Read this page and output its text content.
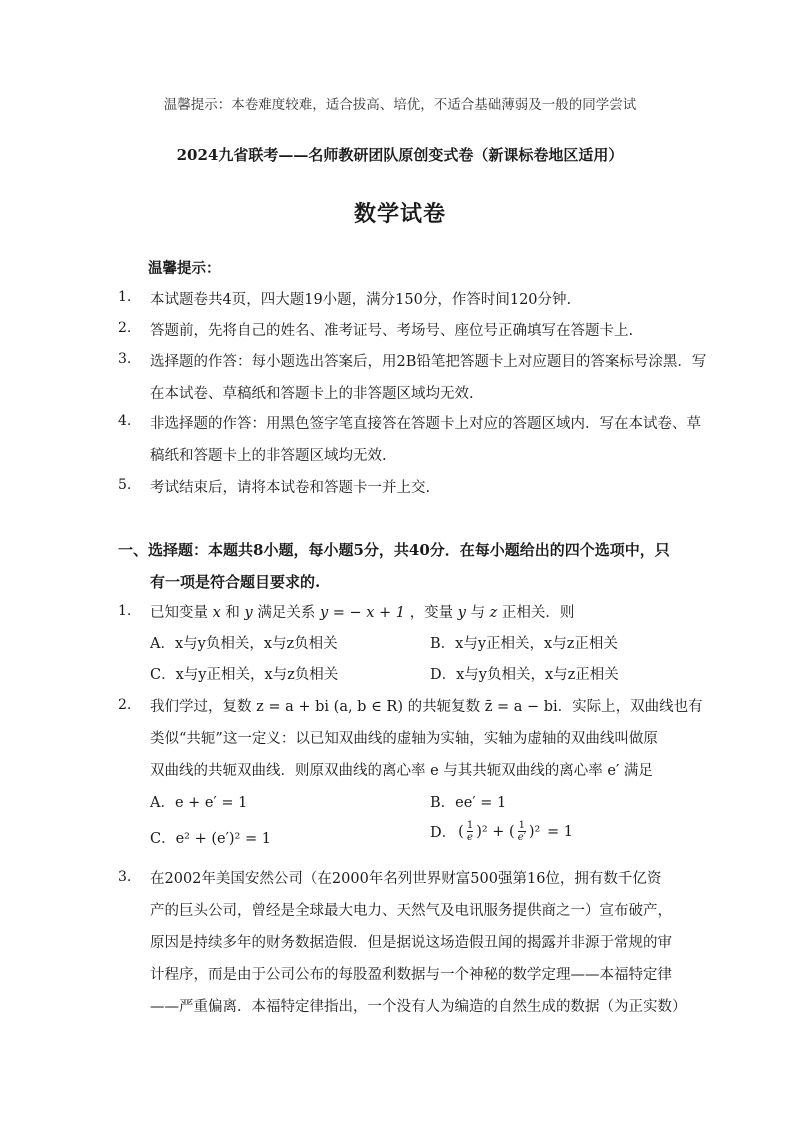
温馨提示：本卷难度较难，适合拔高、培优，不适合基础薄弱及一般的同学尝试
2024九省联考——名师教研团队原创变式卷（新课标卷地区适用）
数学试卷
温馨提示：
1. 本试题卷共4页，四大题19小题，满分150分，作答时间120分钟.
2. 答题前，先将自己的姓名、准考证号、考场号、座位号正确填写在答题卡上.
3. 选择题的作答：每小题选出答案后，用2B铅笔把答题卡上对应题目的答案标号涂黑．写
在本试卷、草稿纸和答题卡上的非答题区域均无效.
4. 非选择题的作答：用黑色签字笔直接答在答题卡上对应的答题区域内．写在本试卷、草
稿纸和答题卡上的非答题区域均无效.
5. 考试结束后，请将本试卷和答题卡一并上交.
一、选择题：本题共8小题，每小题5分，共40分．在每小题给出的四个选项中，只
有一项是符合题目要求的.
1. 已知变量 x 和 y 满足关系 y = − x + 1 ，变量 y 与 z 正相关．则
A．x与y负相关，x与z负相关	B．x与y正相关，x与z正相关
C．x与y正相关，x与z负相关	D．x与y负相关，x与z正相关
2. 我们学过，复数 z = a + bi (a, b ∈ R) 的共轭复数 z̄ = a − bi．实际上，双曲线也有
类似“共轭”这一定义：以已知双曲线的虚轴为实轴，实轴为虚轴的双曲线叫做原
双曲线的共轭双曲线．则原双曲线的离心率 e 与其共轭双曲线的离心率 e′ 满足
A．e + e′ = 1	B．ee′ = 1
C．e² + (e′)² = 1	D． ( $\frac{1}{e} )^2$ + ( $\frac{1}{e'} )^2 = 1$
3. 在2002年美国安然公司（在2000年名列世界财富500强第16位，拥有数千亿资
产的巨头公司，曾经是全球最大电力、天然气及电讯服务提供商之一）宣布破产，
原因是持续多年的财务数据造假．但是据说这场造假丑闻的揭露并非源于常规的审
计程序，而是由于公司公布的每股盈利数据与一个神秘的数学定理——本福特定律
——严重偏离．本福特定律指出，一个没有人为编造的自然生成的数据（为正实数）
